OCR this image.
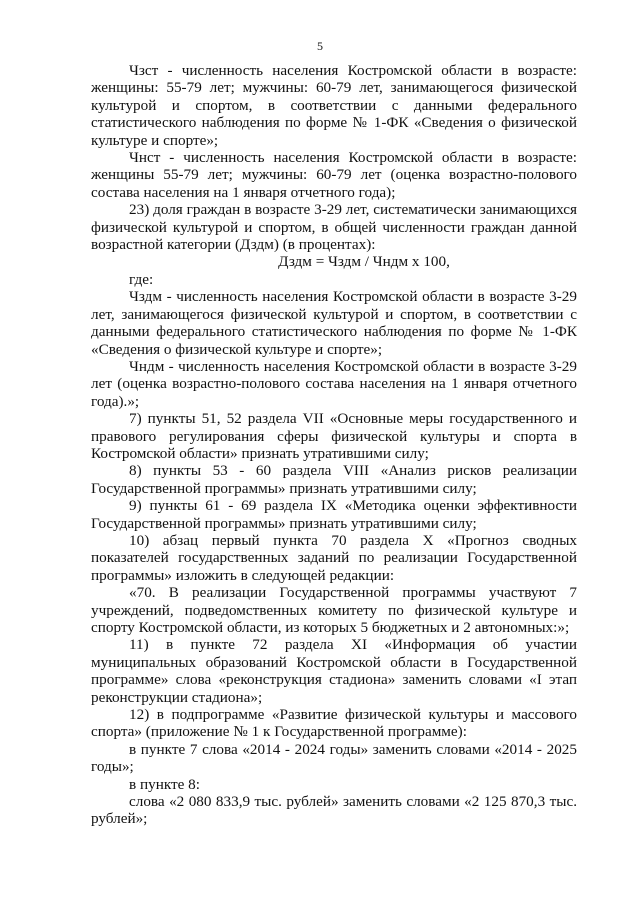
5

Чзст - численность населения Костромской области в возрасте: женщины: 55-79 лет; мужчины: 60-79 лет, занимающегося физической культурой и спортом, в соответствии с данными федерального статистического наблюдения по форме № 1-ФК «Сведения о физической культуре и спорте»;

Чнст - численность населения Костромской области в возрасте: женщины 55-79 лет; мужчины: 60-79 лет (оценка возрастно-полового состава населения на 1 января отчетного года);

23) доля граждан в возрасте 3-29 лет, систематически занимающихся физической культурой и спортом, в общей численности граждан данной возрастной категории (Дздм) (в процентах):

Дздм = Чздм / Чндм х 100,

где:

Чздм - численность населения Костромской области в возрасте 3-29 лет, занимающегося физической культурой и спортом, в соответствии с данными федерального статистического наблюдения по форме № 1-ФК «Сведения о физической культуре и спорте»;

Чндм - численность населения Костромской области в возрасте 3-29 лет (оценка возрастно-полового состава населения на 1 января отчетного года).»;

7) пункты 51, 52 раздела VII «Основные меры государственного и правового регулирования сферы физической культуры и спорта в Костромской области» признать утратившими силу;

8) пункты 53 - 60 раздела VIII «Анализ рисков реализации Государственной программы» признать утратившими силу;

9) пункты 61 - 69 раздела IX «Методика оценки эффективности Государственной программы» признать утратившими силу;

10) абзац первый пункта 70 раздела X «Прогноз сводных показателей государственных заданий по реализации Государственной программы» изложить в следующей редакции:

«70. В реализации Государственной программы участвуют 7 учреждений, подведомственных комитету по физической культуре и спорту Костромской области, из которых 5 бюджетных и 2 автономных:»;

11) в пункте 72 раздела XI «Информация об участии муниципальных образований Костромской области в Государственной программе» слова «реконструкция стадиона» заменить словами «I этап реконструкции стадиона»;

12) в подпрограмме «Развитие физической культуры и массового спорта» (приложение № 1 к Государственной программе):

в пункте 7 слова «2014 - 2024 годы» заменить словами «2014 - 2025 годы»;

в пункте 8:

слова «2 080 833,9 тыс. рублей» заменить словами «2 125 870,3 тыс. рублей»;
